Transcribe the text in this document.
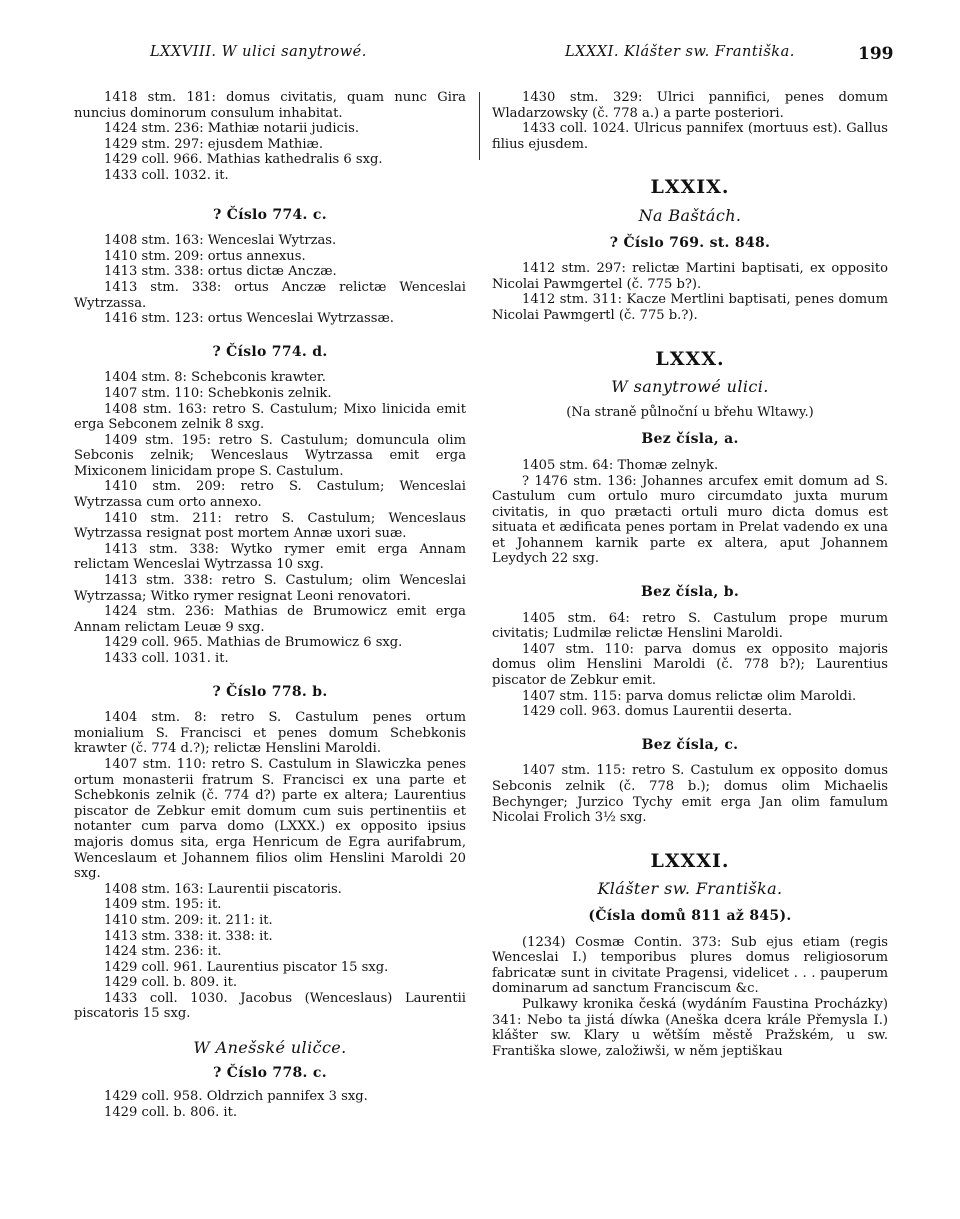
LXXVIII. W ulici sanytrowé.	LXXXI. Klášter sw. Františka.	199

1418 stm. 181: domus civitatis, quam nunc Gira nuncius dominorum consulum inhabitat.

1424 stm. 236: Mathiæ notarii judicis.

1429 stm. 297: ejusdem Mathiæ.

1429 coll. 966. Mathias kathedralis 6 sxg.

1433 coll. 1032. it.

? Číslo 774. c.

1408 stm. 163: Wenceslai Wytrzas.

1410 stm. 209: ortus annexus.

1413 stm. 338: ortus dictæ Anczæ.

1413 stm. 338: ortus Anczæ relictæ Wenceslai Wytrzassa.

1416 stm. 123: ortus Wenceslai Wytrzassæ.

? Číslo 774. d.

1404 stm. 8: Schebconis krawter.

1407 stm. 110: Schebkonis zelnik.

1408 stm. 163: retro S. Castulum; Mixo linicida emit erga Sebconem zelnik 8 sxg.

1409 stm. 195: retro S. Castulum; domuncula olim Sebconis zelnik; Wenceslaus Wytrzassa emit erga Mixiconem linicidam prope S. Castulum.

1410 stm. 209: retro S. Castulum; Wenceslai Wytrzassa cum orto annexo.

1410 stm. 211: retro S. Castulum; Wenceslaus Wytrzassa resignat post mortem Annæ uxori suæ.

1413 stm. 338: Wytko rymer emit erga Annam relictam Wenceslai Wytrzassa 10 sxg.

1413 stm. 338: retro S. Castulum; olim Wenceslai Wytrzassa; Witko rymer resignat Leoni renovatori.

1424 stm. 236: Mathias de Brumowicz emit erga Annam relictam Leuæ 9 sxg.

1429 coll. 965. Mathias de Brumowicz 6 sxg.

1433 coll. 1031. it.

? Číslo 778. b.

1404 stm. 8: retro S. Castulum penes ortum monialium S. Francisci et penes domum Schebkonis krawter (č. 774 d.?); relictæ Henslini Maroldi.

1407 stm. 110: retro S. Castulum in Slawiczka penes ortum monasterii fratrum S. Francisci ex una parte et Schebkonis zelnik (č. 774 d?) parte ex altera; Laurentius piscator de Zebkur emit domum cum suis pertinentiis et notanter cum parva domo (LXXX.) ex opposito ipsius majoris domus sita, erga Henricum de Egra aurifabrum, Wenceslaum et Johannem filios olim Henslini Maroldi 20 sxg.

1408 stm. 163: Laurentii piscatoris.

1409 stm. 195: it.

1410 stm. 209: it. 211: it.

1413 stm. 338: it. 338: it.

1424 stm. 236: it.

1429 coll. 961. Laurentius piscator 15 sxg.

1429 coll. b. 809. it.

1433 coll. 1030. Jacobus (Wenceslaus) Laurentii piscatoris 15 sxg.

W Anešské uličce.

? Číslo 778. c.

1429 coll. 958. Oldrzich pannifex 3 sxg.

1429 coll. b. 806. it.

1430 stm. 329: Ulrici pannifici, penes domum Wladarzowsky (č. 778 a.) a parte posteriori.

1433 coll. 1024. Ulricus pannifex (mortuus est). Gallus filius ejusdem.

LXXIX.

Na Baštách.

? Číslo 769. st. 848.

1412 stm. 297: relictæ Martini baptisati, ex opposito Nicolai Pawmgertel (č. 775 b?).

1412 stm. 311: Kacze Mertlini baptisati, penes domum Nicolai Pawmgertl (č. 775 b.?).

LXXX.

W sanytrowé ulici.

(Na straně půlnoční u břehu Wltawy.)

Bez čísla, a.

1405 stm. 64: Thomæ zelnyk.

? 1476 stm. 136: Johannes arcufex emit domum ad S. Castulum cum ortulo muro circumdato juxta murum civitatis, in quo prætacti ortuli muro dicta domus est situata et ædificata penes portam in Prelat vadendo ex una et Johannem karnik parte ex altera, aput Johannem Leydych 22 sxg.

Bez čísla, b.

1405 stm. 64: retro S. Castulum prope murum civitatis; Ludmilæ relictæ Henslini Maroldi.

1407 stm. 110: parva domus ex opposito majoris domus olim Henslini Maroldi (č. 778 b?); Laurentius piscator de Zebkur emit.

1407 stm. 115: parva domus relictæ olim Maroldi.

1429 coll. 963. domus Laurentii deserta.

Bez čísla, c.

1407 stm. 115: retro S. Castulum ex opposito domus Sebconis zelnik (č. 778 b.); domus olim Michaelis Bechynger; Jurzico Tychy emit erga Jan olim famulum Nicolai Frolich 3½ sxg.

LXXXI.

Klášter sw. Františka.

(Čísla domů 811 až 845).

(1234) Cosmæ Contin. 373: Sub ejus etiam (regis Wenceslai I.) temporibus plures domus religiosorum fabricatæ sunt in civitate Pragensi, videlicet . . . pauperum dominarum ad sanctum Franciscum &c.

Pulkawy kronika česká (wydáním Faustina Procházky) 341: Nebo ta jistá díwka (Aneška dcera krále Přemysla I.) klášter sw. Klary u wětším městě Pražském, u sw. Františka slowe, založiwši, w něm jeptiškau
